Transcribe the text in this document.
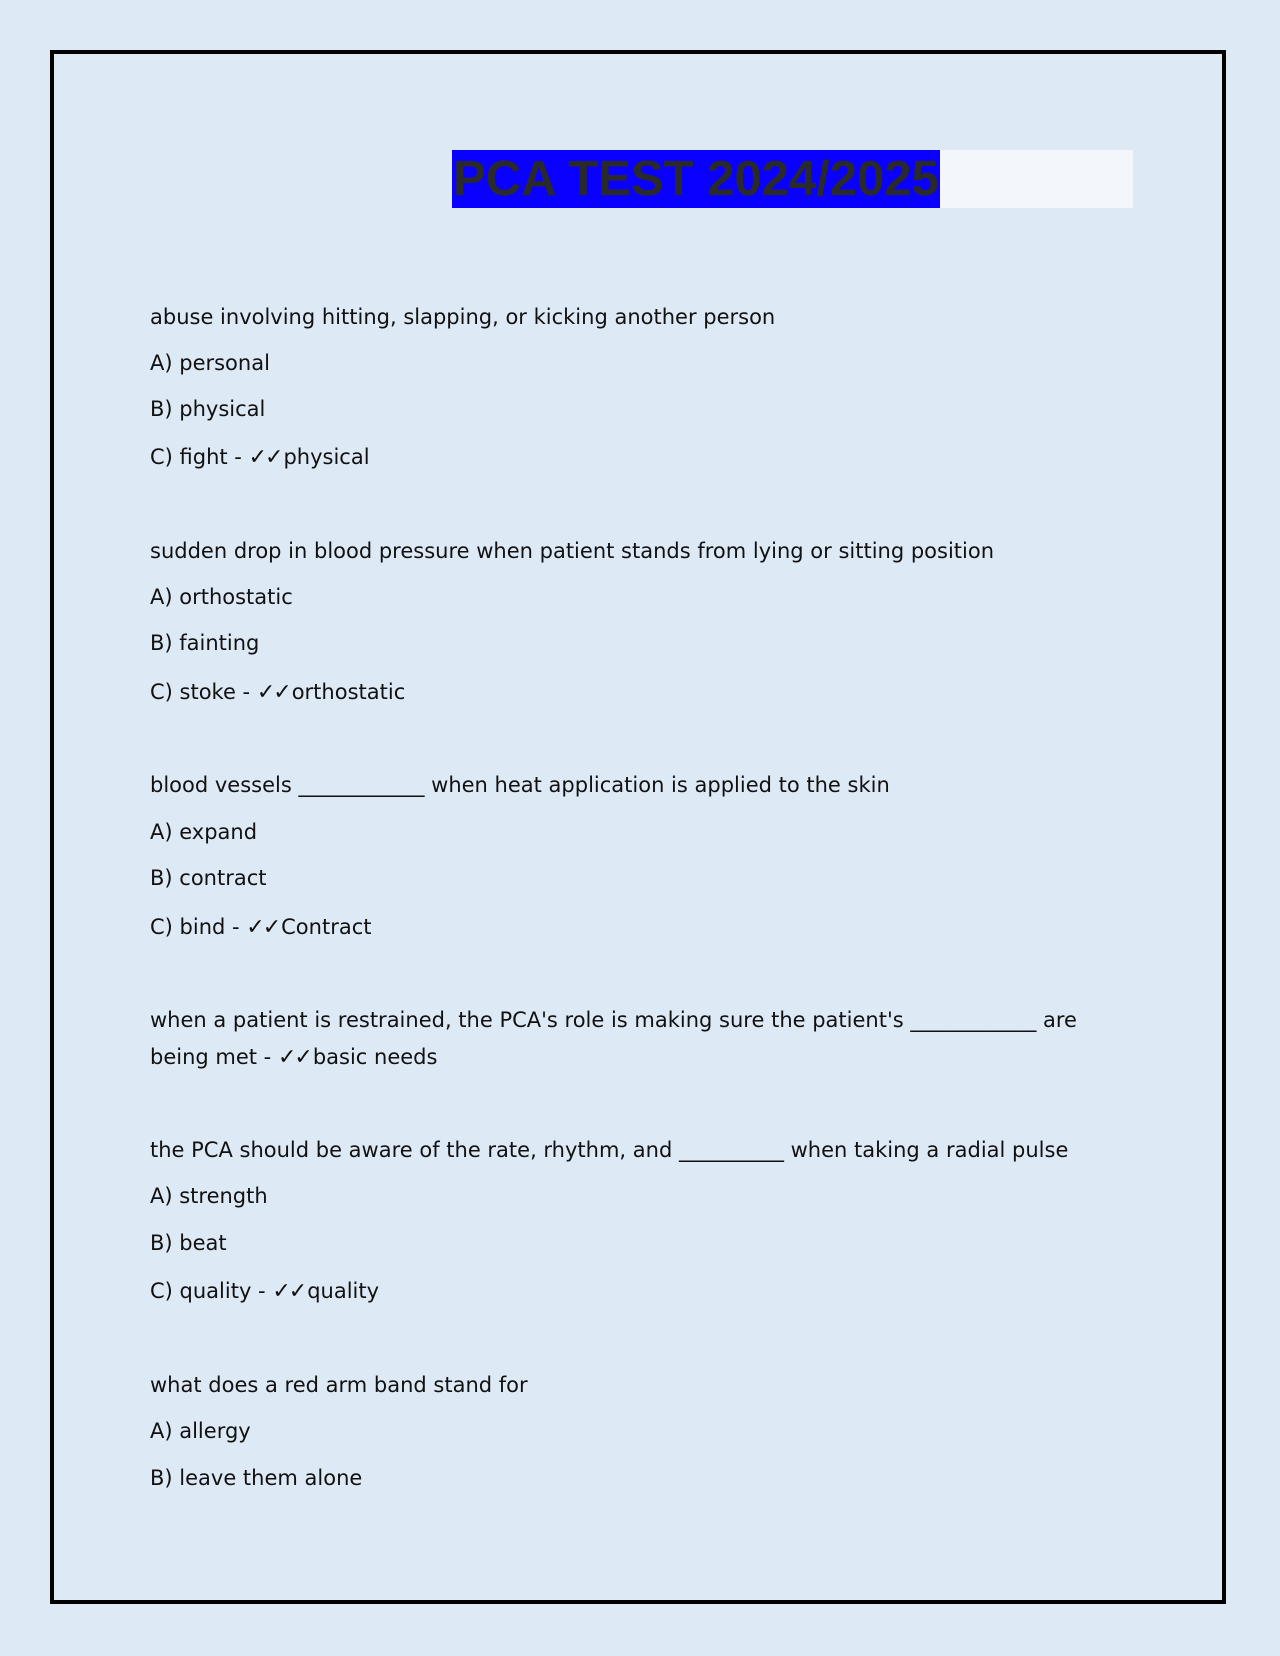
PCA TEST 2024/2025
abuse involving hitting, slapping, or kicking another person
A) personal
B) physical
C) fight - ✓✓physical
sudden drop in blood pressure when patient stands from lying or sitting position
A) orthostatic
B) fainting
C) stoke - ✓✓orthostatic
blood vessels ____________ when heat application is applied to the skin
A) expand
B) contract
C) bind - ✓✓Contract
when a patient is restrained, the PCA's role is making sure the patient's ____________ are
being met - ✓✓basic needs
the PCA should be aware of the rate, rhythm, and __________ when taking a radial pulse
A) strength
B) beat
C) quality - ✓✓quality
what does a red arm band stand for
A) allergy
B) leave them alone
